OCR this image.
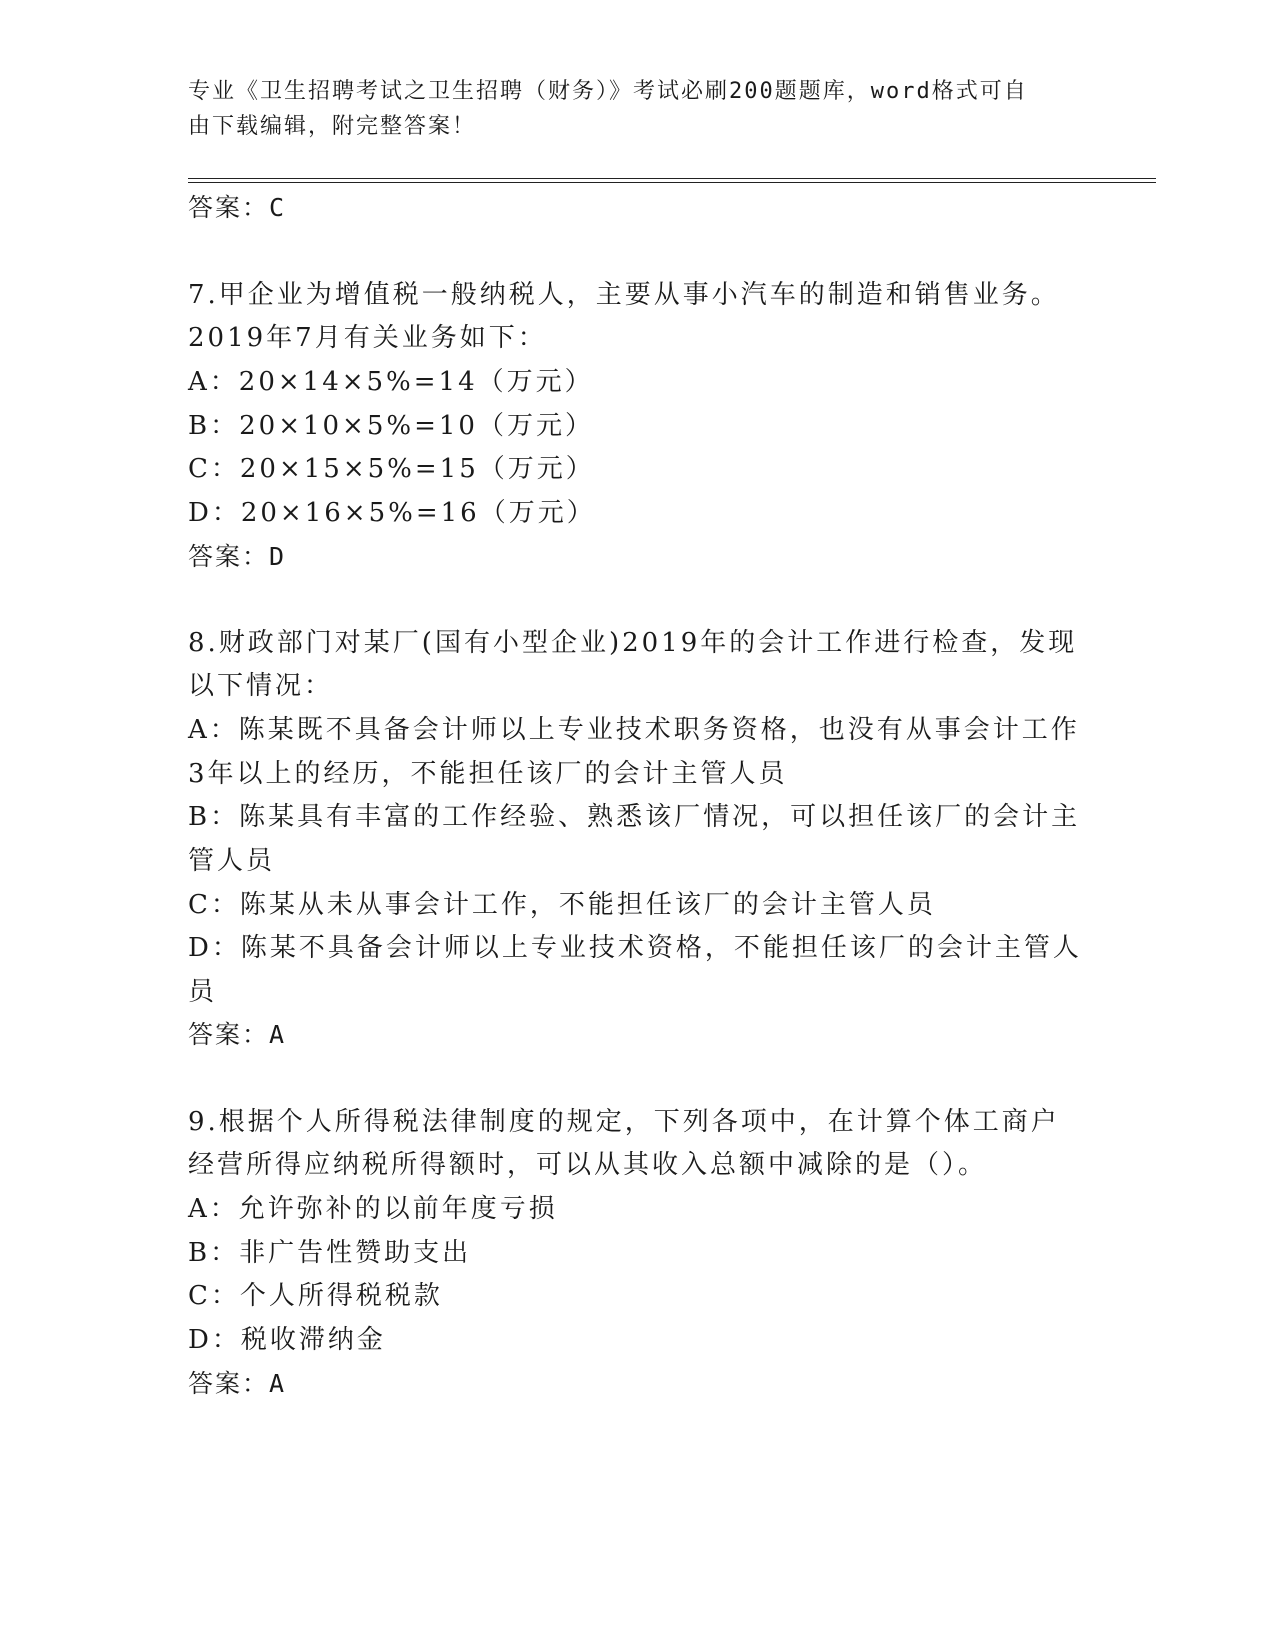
专业《卫生招聘考试之卫生招聘（财务）》考试必刷200题题库，word格式可自
由下载编辑，附完整答案！
答案：C
7.甲企业为增值税一般纳税人，主要从事小汽车的制造和销售业务。
2019年7月有关业务如下：
A：20×14×5%=14（万元）
B：20×10×5%=10（万元）
C：20×15×5%=15（万元）
D：20×16×5%=16（万元）
答案：D
8.财政部门对某厂(国有小型企业)2019年的会计工作进行检查，发现
以下情况：
A：陈某既不具备会计师以上专业技术职务资格，也没有从事会计工作
3年以上的经历，不能担任该厂的会计主管人员
B：陈某具有丰富的工作经验、熟悉该厂情况，可以担任该厂的会计主
管人员
C：陈某从未从事会计工作，不能担任该厂的会计主管人员
D：陈某不具备会计师以上专业技术资格，不能担任该厂的会计主管人
员
答案：A
9.根据个人所得税法律制度的规定，下列各项中，在计算个体工商户
经营所得应纳税所得额时，可以从其收入总额中减除的是（）。
A：允许弥补的以前年度亏损
B：非广告性赞助支出
C：个人所得税税款
D：税收滞纳金
答案：A
